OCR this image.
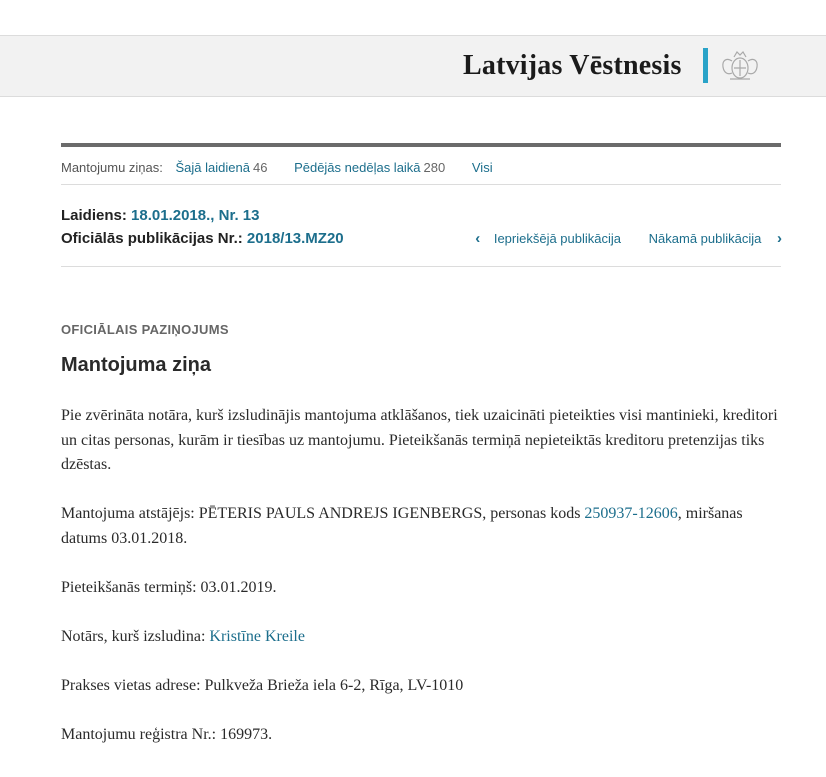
Latvijas Vēstnesis
Mantojumu ziņas: Šajā laidienā 46 Pēdējās nedēļas laikā 280 Visi
Laidiens: 18.01.2018., Nr. 13
Oficiālās publikācijas Nr.: 2018/13.MZ20	‹ Iepriekšējā publikācija Nākamā publikācija ›
OFICIĀLAIS PAZIŅOJUMS
Mantojuma ziņa

Pie zvērināta notāra, kurš izsludinājis mantojuma atklāšanos, tiek uzaicināti pieteikties visi mantinieki, kreditori un citas personas, kurām ir tiesības uz mantojumu. Pieteikšanās termiņā nepieteiktās kreditoru pretenzijas tiks dzēstas.

Mantojuma atstājējs: PĒTERIS PAULS ANDREJS IGENBERGS, personas kods 250937-12606, miršanas datums 03.01.2018.

Pieteikšanās termiņš: 03.01.2019.

Notārs, kurš izsludina: Kristīne Kreile

Prakses vietas adrese: Pulkveža Brieža iela 6-2, Rīga, LV-1010

Mantojumu reģistra Nr.: 169973.
